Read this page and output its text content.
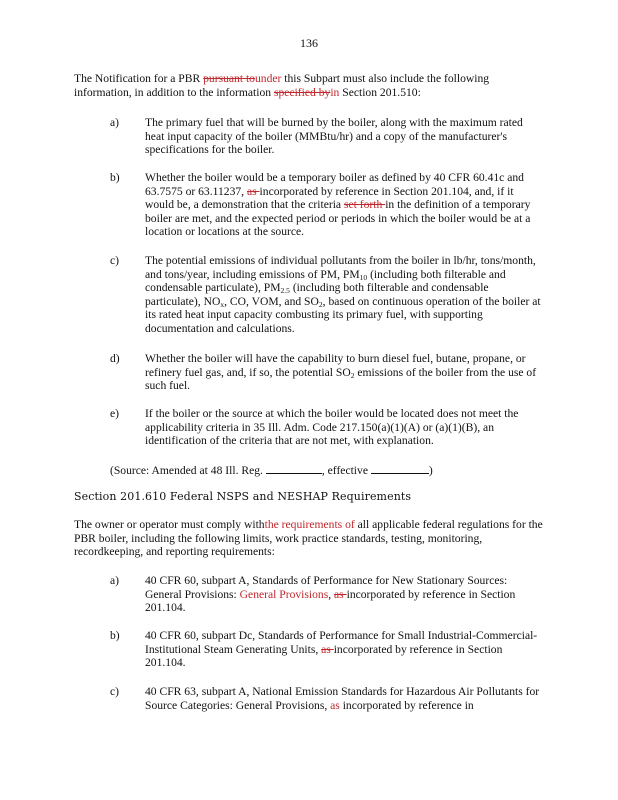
136
The Notification for a PBR pursuant tounder this Subpart must also include the following information, in addition to the information specified byin Section 201.510:
a) The primary fuel that will be burned by the boiler, along with the maximum rated heat input capacity of the boiler (MMBtu/hr) and a copy of the manufacturer's specifications for the boiler.
b) Whether the boiler would be a temporary boiler as defined by 40 CFR 60.41c and 63.7575 or 63.11237, as incorporated by reference in Section 201.104, and, if it would be, a demonstration that the criteria set forth in the definition of a temporary boiler are met, and the expected period or periods in which the boiler would be at a location or locations at the source.
c) The potential emissions of individual pollutants from the boiler in lb/hr, tons/month, and tons/year, including emissions of PM, $PM_{10}$ (including both filterable and condensable particulate), $PM_{2.5}$ (including both filterable and condensable particulate), $NO_x$, CO, VOM, and $SO_2$, based on continuous operation of the boiler at its rated heat input capacity combusting its primary fuel, with supporting documentation and calculations.
d) Whether the boiler will have the capability to burn diesel fuel, butane, propane, or refinery fuel gas, and, if so, the potential $SO_2$ emissions of the boiler from the use of such fuel.
e) If the boiler or the source at which the boiler would be located does not meet the applicability criteria in 35 Ill. Adm. Code 217.150(a)(1)(A) or (a)(1)(B), an identification of the criteria that are not met, with explanation.
(Source: Amended at 48 Ill. Reg.	, effective	)
Section 201.610 Federal NSPS and NESHAP Requirements
The owner or operator must comply withthe requirements of all applicable federal regulations for the PBR boiler, including the following limits, work practice standards, testing, monitoring, recordkeeping, and reporting requirements:
a) 40 CFR 60, subpart A, Standards of Performance for New Stationary Sources: General Provisions: General Provisions, as incorporated by reference in Section 201.104.
b) 40 CFR 60, subpart Dc, Standards of Performance for Small Industrial-Commercial-Institutional Steam Generating Units, as incorporated by reference in Section 201.104.
c) 40 CFR 63, subpart A, National Emission Standards for Hazardous Air Pollutants for Source Categories: General Provisions, as incorporated by reference in
